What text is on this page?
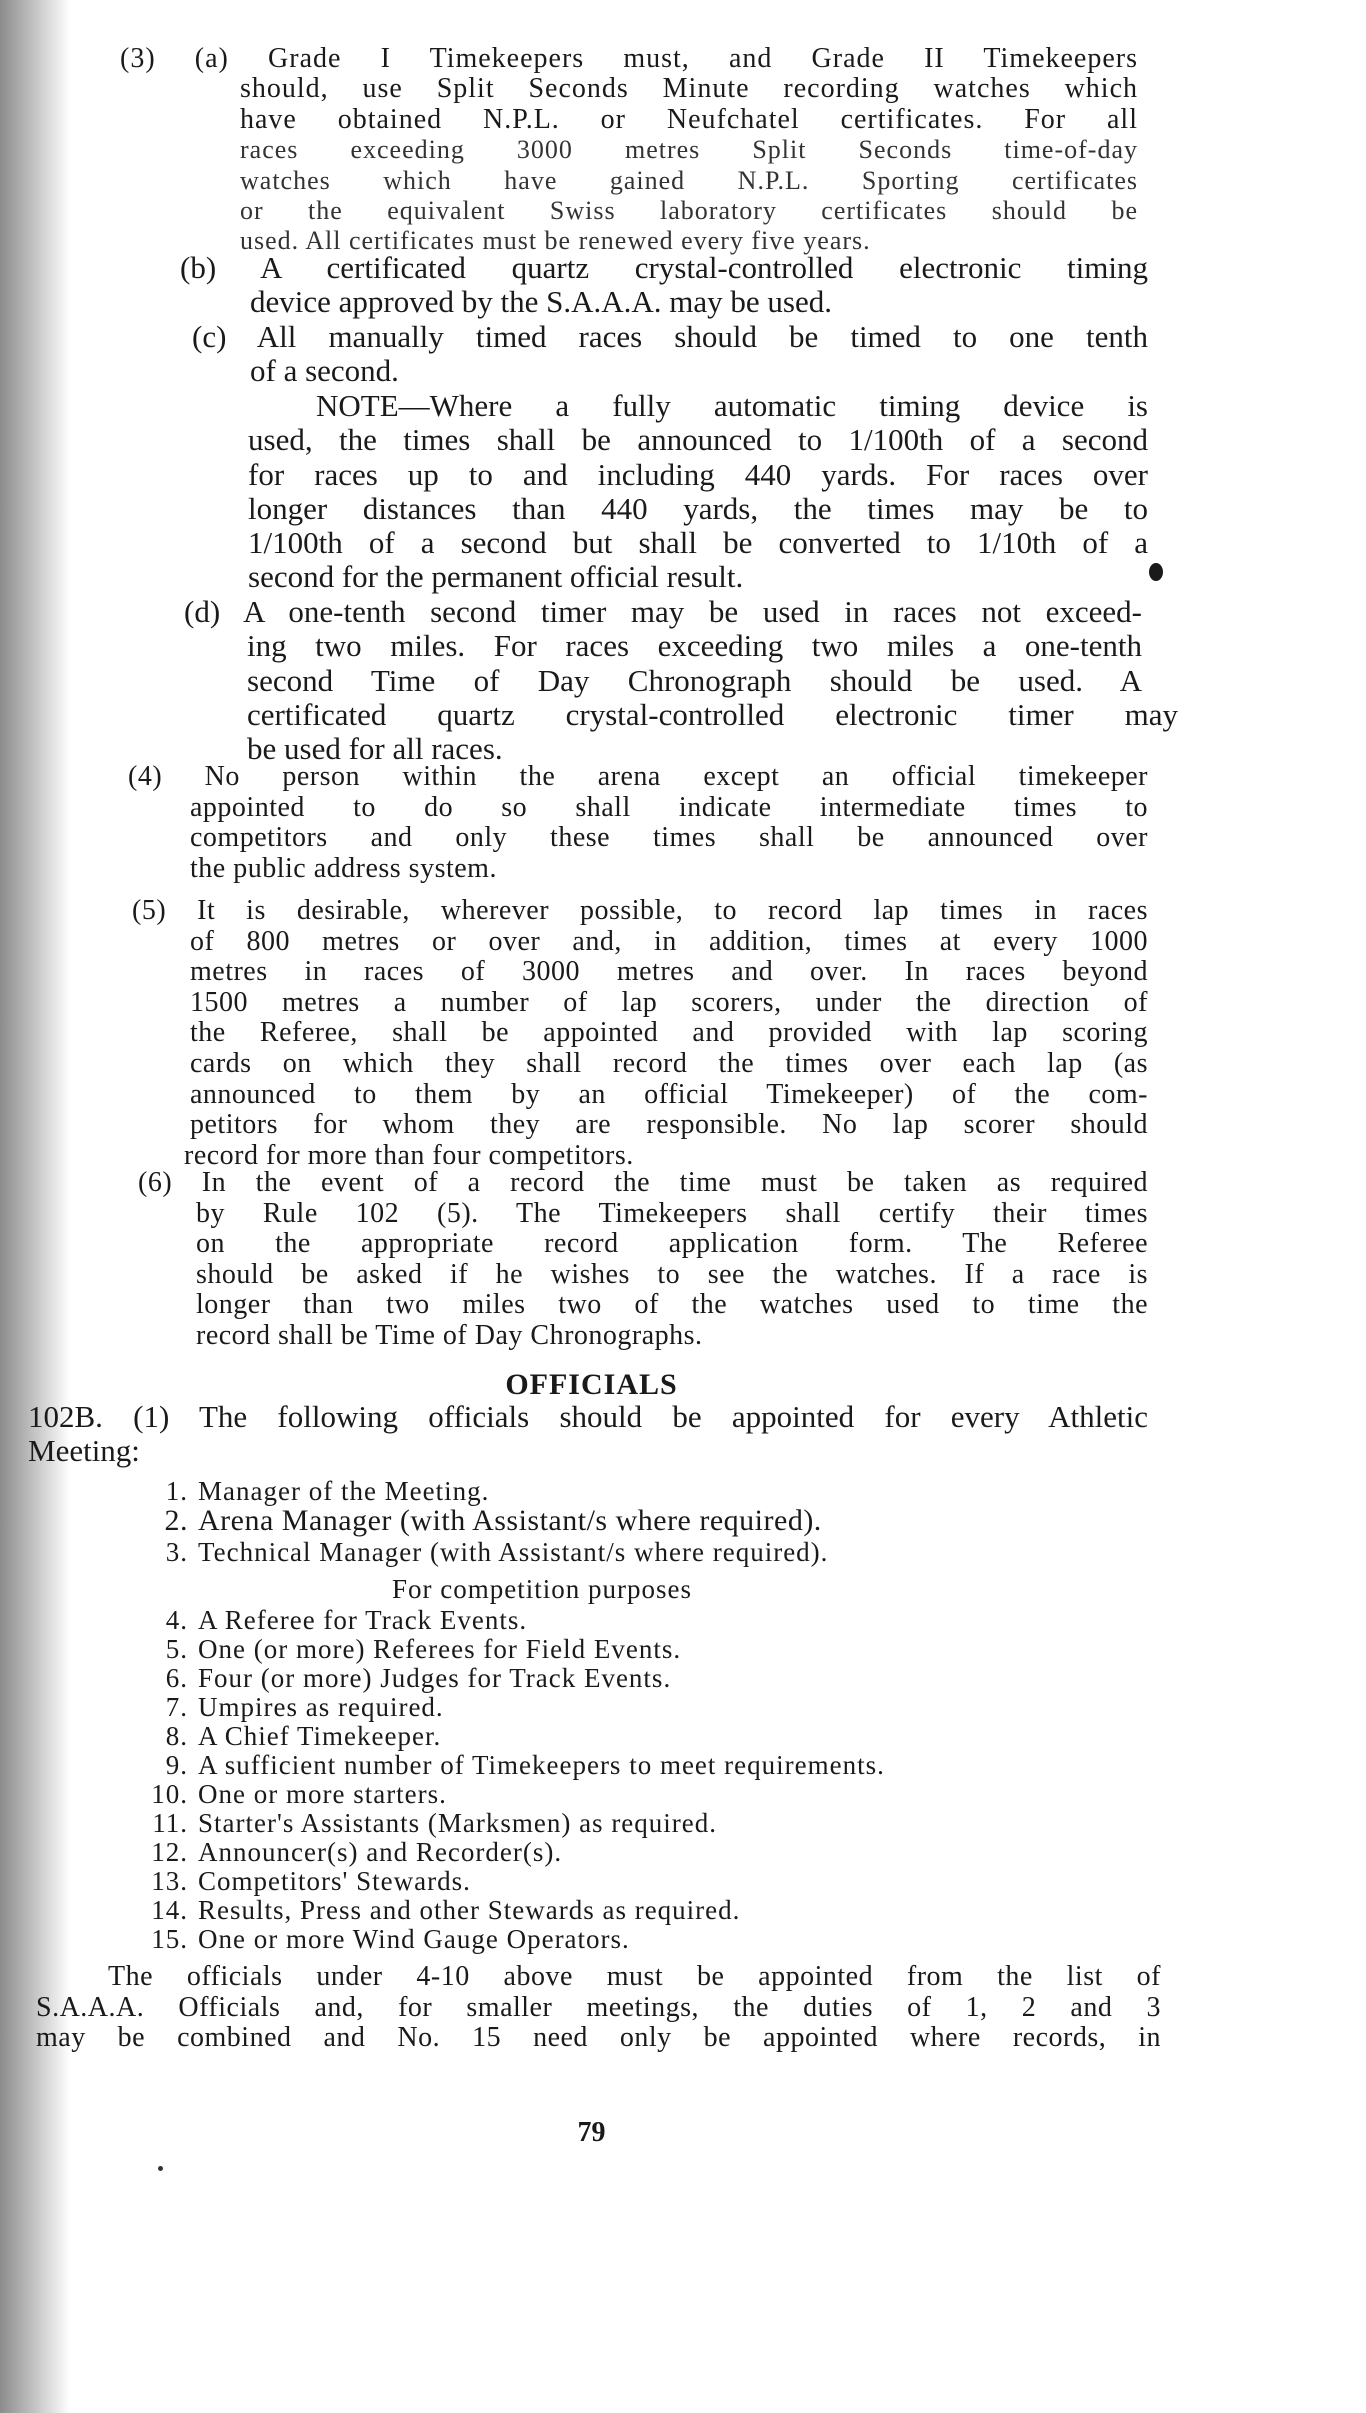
(3) (a) Grade I Timekeepers must, and Grade II Timekeepers

should, use Split Seconds Minute recording watches which

have obtained N.P.L. or Neufchatel certificates. For all

races exceeding 3000 metres Split Seconds time-of-day

watches which have gained N.P.L. Sporting certificates

or the equivalent Swiss laboratory certificates should be

used. All certificates must be renewed every five years.

(b) A certificated quartz crystal-controlled electronic timing

device approved by the S.A.A.A. may be used.

(c) All manually timed races should be timed to one tenth

of a second.

NOTE—Where a fully automatic timing device is

used, the times shall be announced to 1/100th of a second

for races up to and including 440 yards. For races over

longer distances than 440 yards, the times may be to

1/100th of a second but shall be converted to 1/10th of a

second for the permanent official result.

(d) A one-tenth second timer may be used in races not exceed-

ing two miles. For races exceeding two miles a one-tenth

second Time of Day Chronograph should be used. A

certificated quartz crystal-controlled electronic timer may

be used for all races.

(4) No person within the arena except an official timekeeper

appointed to do so shall indicate intermediate times to

competitors and only these times shall be announced over

the public address system.

(5) It is desirable, wherever possible, to record lap times in races

of 800 metres or over and, in addition, times at every 1000

metres in races of 3000 metres and over. In races beyond

1500 metres a number of lap scorers, under the direction of

the Referee, shall be appointed and provided with lap scoring

cards on which they shall record the times over each lap (as

announced to them by an official Timekeeper) of the com-

petitors for whom they are responsible. No lap scorer should

record for more than four competitors.

(6) In the event of a record the time must be taken as required

by Rule 102 (5). The Timekeepers shall certify their times

on the appropriate record application form. The Referee

should be asked if he wishes to see the watches. If a race is

longer than two miles two of the watches used to time the

record shall be Time of Day Chronographs.

OFFICIALS

102B. (1) The following officials should be appointed for every Athletic

Meeting:

1. Manager of the Meeting.
2. Arena Manager (with Assistant/s where required).
3. Technical Manager (with Assistant/s where required).
For competition purposes
4. A Referee for Track Events.
5. One (or more) Referees for Field Events.
6. Four (or more) Judges for Track Events.
7. Umpires as required.
8. A Chief Timekeeper.
9. A sufficient number of Timekeepers to meet requirements.
10. One or more starters.
11. Starter's Assistants (Marksmen) as required.
12. Announcer(s) and Recorder(s).
13. Competitors' Stewards.
14. Results, Press and other Stewards as required.
15. One or more Wind Gauge Operators.

The officials under 4-10 above must be appointed from the list of

S.A.A.A. Officials and, for smaller meetings, the duties of 1, 2 and 3

may be combined and No. 15 need only be appointed where records, in

79
